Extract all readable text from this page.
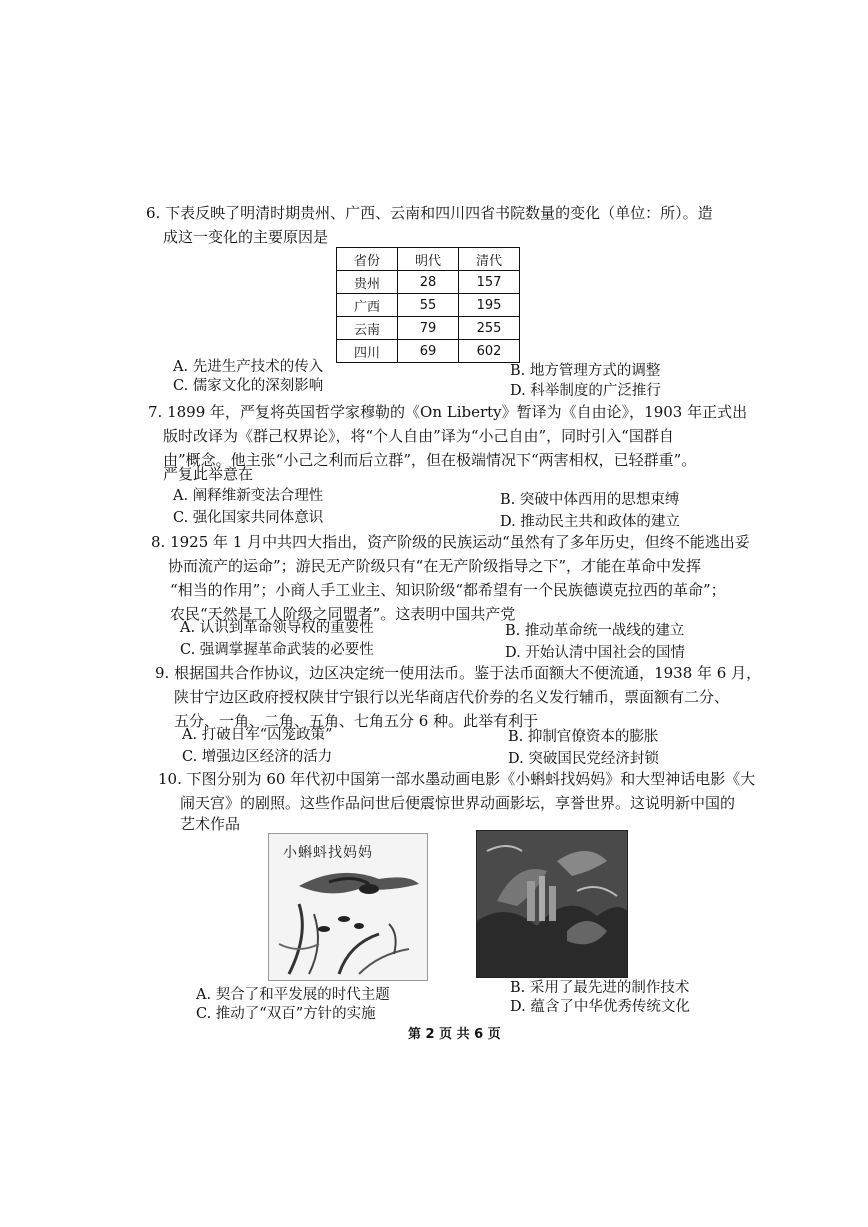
6. 下表反映了明清时期贵州、广西、云南和四川四省书院数量的变化（单位：所）。造
成这一变化的主要原因是
省份	明代	清代
贵州	28	157
广西	55	195
云南	79	255
四川	69	602
A. 先进生产技术的传入	B. 地方管理方式的调整
C. 儒家文化的深刻影响	D. 科举制度的广泛推行
7. 1899 年，严复将英国哲学家穆勒的《On Liberty》暂译为《自由论》，1903 年正式出
版时改译为《群己权界论》，将“个人自由”译为“小己自由”，同时引入“国群自
由”概念。他主张“小己之利而后立群”，但在极端情况下“两害相权，已轻群重”。
严复此举意在
A. 阐释维新变法合理性	B. 突破中体西用的思想束缚
C. 强化国家共同体意识	D. 推动民主共和政体的建立
8. 1925 年 1 月中共四大指出，资产阶级的民族运动“虽然有了多年历史，但终不能逃出妥
协而流产的运命”；游民无产阶级只有“在无产阶级指导之下”，才能在革命中发挥
“相当的作用”；小商人手工业主、知识阶级“都希望有一个民族德谟克拉西的革命”；
农民“天然是工人阶级之同盟者”。这表明中国共产党
A. 认识到革命领导权的重要性	B. 推动革命统一战线的建立
C. 强调掌握革命武装的必要性	D. 开始认清中国社会的国情
9. 根据国共合作协议，边区决定统一使用法币。鉴于法币面额大不便流通，1938 年 6 月，
陕甘宁边区政府授权陕甘宁银行以光华商店代价券的名义发行辅币，票面额有二分、
五分、一角、二角、五角、七角五分 6 种。此举有利于
A. 打破日军“囚笼政策”	B. 抑制官僚资本的膨胀
C. 增强边区经济的活力	D. 突破国民党经济封锁
10. 下图分别为 60 年代初中国第一部水墨动画电影《小蝌蚪找妈妈》和大型神话电影《大
闹天宫》的剧照。这些作品问世后便震惊世界动画影坛，享誉世界。这说明新中国的
艺术作品
小蝌蚪找妈妈
A. 契合了和平发展的时代主题	B. 采用了最先进的制作技术
C. 推动了“双百”方针的实施	D. 蕴含了中华优秀传统文化
第 2 页 共 6 页
